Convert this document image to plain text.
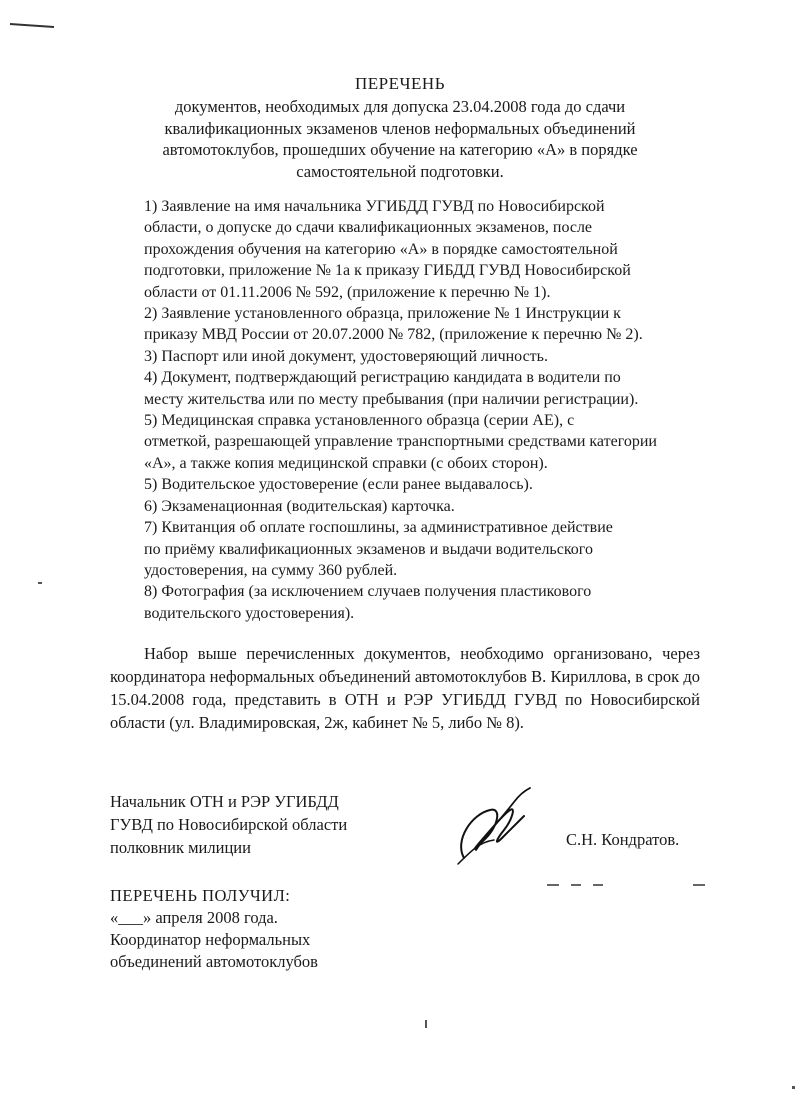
ПЕРЕЧЕНЬ
документов, необходимых для допуска 23.04.2008 года до сдачи
квалификационных экзаменов членов неформальных объединений
автомотоклубов, прошедших обучение на категорию «А» в порядке
самостоятельной подготовки.

1) Заявление на имя начальника УГИБДД ГУВД по Новосибирской
области, о допуске до сдачи квалификационных экзаменов, после
прохождения обучения на категорию «А» в порядке самостоятельной
подготовки, приложение № 1а к приказу ГИБДД ГУВД Новосибирской
области от 01.11.2006 № 592, (приложение к перечню № 1).

2) Заявление установленного образца, приложение № 1 Инструкции к
приказу МВД России от 20.07.2000 № 782, (приложение к перечню № 2).

3) Паспорт или иной документ, удостоверяющий личность.

4) Документ, подтверждающий регистрацию кандидата в водители по
месту жительства или по месту пребывания (при наличии регистрации).

5) Медицинская справка установленного образца (серии АЕ), с
отметкой, разрешающей управление транспортными средствами категории
«А», а также копия медицинской справки (с обоих сторон).

5) Водительское удостоверение (если ранее выдавалось).

6) Экзаменационная (водительская) карточка.

7) Квитанция об оплате госпошлины, за административное действие
по приёму квалификационных экзаменов и выдачи водительского
удостоверения, на сумму 360 рублей.

8) Фотография (за исключением случаев получения пластикового
водительского удостоверения).

Набор выше перечисленных документов, необходимо организовано, через координатора неформальных объединений автомотоклубов В. Кириллова, в срок до 15.04.2008 года, представить в ОТН и РЭР УГИБДД ГУВД по Новосибирской области (ул. Владимировская, 2ж, кабинет № 5, либо № 8).

Начальник ОТН и РЭР УГИБДД
ГУВД по Новосибирской области
полковник милиции	С.Н. Кондратов.
ПЕРЕЧЕНЬ ПОЛУЧИЛ:
«___» апреля 2008 года.
Координатор неформальных
объединений автомотоклубов
